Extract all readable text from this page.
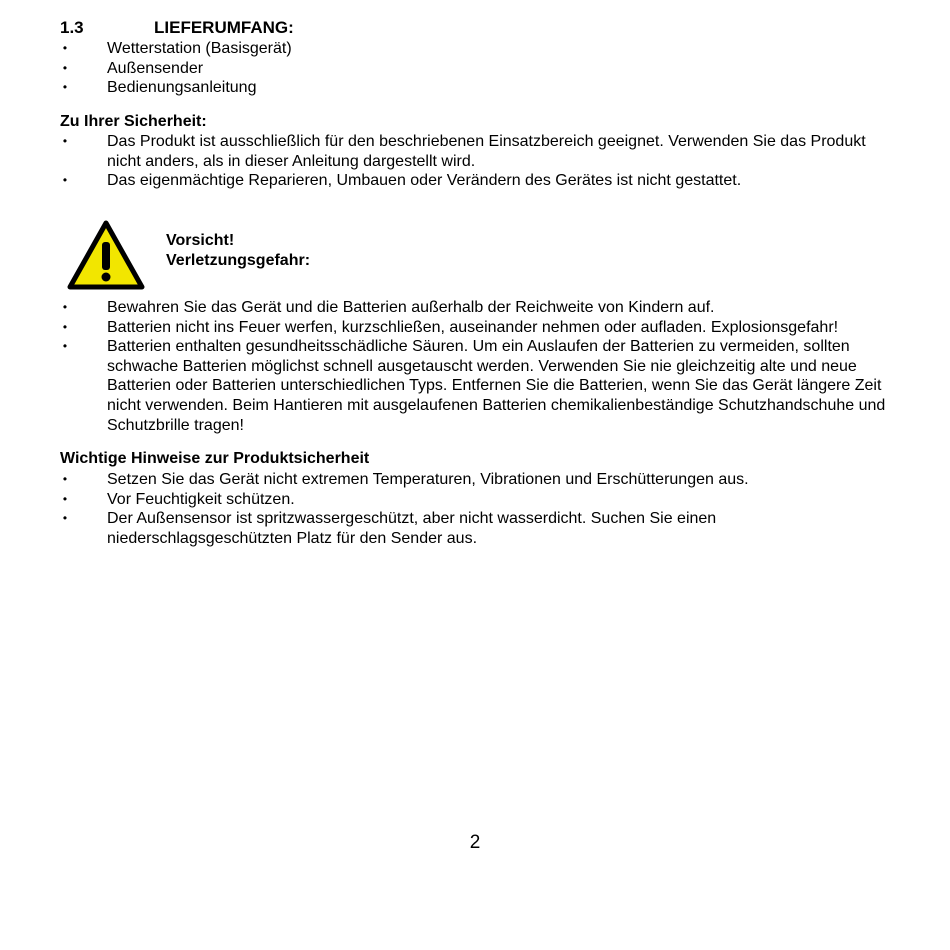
1.3	LIEFERUMFANG:
• Wetterstation (Basisgerät)
• Außensender
• Bedienungsanleitung
Zu Ihrer Sicherheit:
• Das Produkt ist ausschließlich für den beschriebenen Einsatzbereich geeignet. Verwenden Sie das Produkt nicht anders, als in dieser Anleitung dargestellt wird.
• Das eigenmächtige Reparieren, Umbauen oder Verändern des Gerätes ist nicht gestattet.
Vorsicht!
Verletzungsgefahr:
• Bewahren Sie das Gerät und die Batterien außerhalb der Reichweite von Kindern auf.
• Batterien nicht ins Feuer werfen, kurzschließen, auseinander nehmen oder aufladen. Explosionsgefahr!
• Batterien enthalten gesundheitsschädliche Säuren. Um ein Auslaufen der Batterien zu vermeiden, sollten schwache Batterien möglichst schnell ausgetauscht werden. Verwenden Sie nie gleichzeitig alte und neue Batterien oder Batterien unterschiedlichen Typs. Entfernen Sie die Batterien, wenn Sie das Gerät längere Zeit nicht verwenden. Beim Hantieren mit ausgelaufenen Batterien chemikalienbeständige Schutzhandschuhe und Schutzbrille tragen!
Wichtige Hinweise zur Produktsicherheit
• Setzen Sie das Gerät nicht extremen Temperaturen, Vibrationen und Erschütterungen aus.
• Vor Feuchtigkeit schützen.
• Der Außensensor ist spritzwassergeschützt, aber nicht wasserdicht. Suchen Sie einen niederschlagsgeschützten Platz für den Sender aus.
2
